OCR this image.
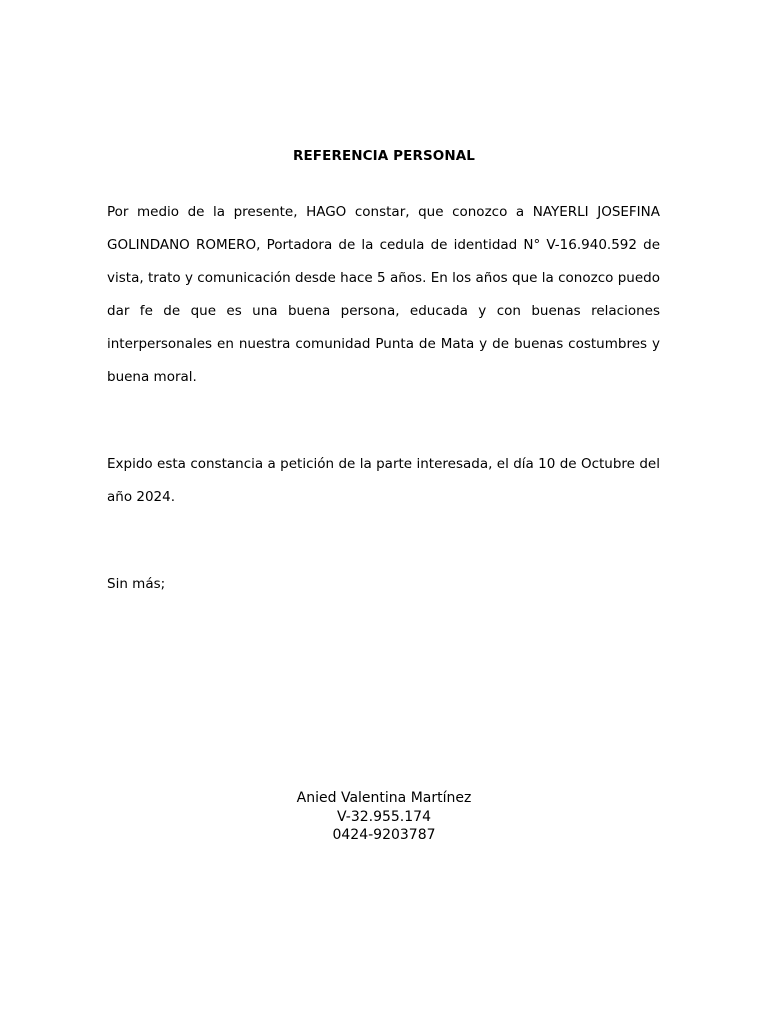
REFERENCIA PERSONAL
Por medio de la presente, HAGO constar, que conozco a NAYERLI JOSEFINA GOLINDANO ROMERO, Portadora de la cedula de identidad N° V-16.940.592 de vista, trato y comunicación desde hace 5 años. En los años que la conozco puedo dar fe de que es una buena persona, educada y con buenas relaciones interpersonales en nuestra comunidad Punta de Mata y de buenas costumbres y buena moral.
Expido esta constancia a petición de la parte interesada, el día 10 de Octubre del año 2024.
Sin más;
Anied Valentina Martínez
V-32.955.174
0424-9203787
